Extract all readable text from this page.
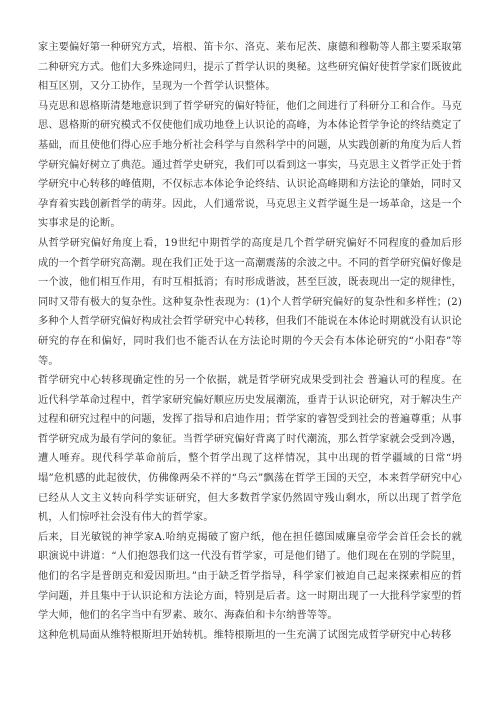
家主要偏好第一种研究方式，培根、笛卡尔、洛克、莱布尼茨、康德和穆勒等人都主要采取第二种研究方式。他们大多殊途同归，提示了哲学认识的奥秘。这些研究偏好使哲学家们既彼此相互区别，又分工协作，呈现为一个哲学认识整体。

马克思和恩格斯清楚地意识到了哲学研究的偏好特征，他们之间进行了科研分工和合作。马克思、恩格斯的研究模式不仅使他们成功地登上认识论的高峰，为本体论哲学争论的终结奠定了基础，而且使他们得心应手地分析社会科学与自然科学中的问题，从实践创新的角度为后人哲学研究偏好树立了典范。通过哲学史研究，我们可以看到这一事实，马克思主义哲学正处于哲学研究中心转移的峰值期，不仅标志本体论争论终结、认识论高峰期和方法论的肇始，同时又孕育着实践创新哲学的萌芽。因此，人们通常说，马克思主义哲学诞生是一场革命，这是一个实事求是的论断。

从哲学研究偏好角度上看，19世纪中期哲学的高度是几个哲学研究偏好不同程度的叠加后形成的一个哲学研究高潮。现在我们正处于这一高潮震荡的余波之中。不同的哲学研究偏好像是一个波，他们相互作用，有时互相抵消；有时形成谐波，甚至巨波，既表现出一定的规律性，同时又带有极大的复杂性。这种复杂性表现为：(1)个人哲学研究偏好的复杂性和多样性；(2)多种个人哲学研究偏好构成社会哲学研究中心转移，但我们不能说在本体论时期就没有认识论研究的存在和偏好，同时我们也不能否认在方法论时期的今天会有本体论研究的“小阳春”等等。

哲学研究中心转移现确定性的另一个依据，就是哲学研究成果受到社会 普遍认可的程度。在近代科学革命过程中，哲学家研究偏好顺应历史发展潮流，垂青于认识论研究，对于解决生产过程和研究过程中的问题，发挥了指导和启迪作用；哲学家的睿智受到社会的普遍尊重；从事哲学研究成为最有学问的象征。当哲学研究偏好背离了时代潮流，那么哲学家就会受到冷遇，遭人唾弃。现代科学革命前后，整个哲学出现了这样情况，其中出现的哲学疆域的日常“坍塌”危机感的此起彼伏，仿佛像两朵不祥的“乌云”飘荡在哲学王国的天空，本来哲学研究中心已经从人文主义转向科学实证研究，但大多数哲学家仍然固守残山剩水，所以出现了哲学危机，人们惊呼社会没有伟大的哲学家。

后来，目光敏锐的神学家A.哈纳克揭破了窗户纸，他在担任德国威廉皇帝学会首任会长的就职演说中讲道：“人们抱怨我们这一代没有哲学家，可是他们错了。他们现在在别的学院里，他们的名字是普朗克和爱因斯坦。”由于缺乏哲学指导，科学家们被迫自己起来探索相应的哲学问题，并且集中于认识论和方法论方面，特别是后者。这一时期出现了一大批科学家型的哲学大师，他们的名字当中有罗素、玻尔、海森伯和卡尔纳普等等。

这种危机局面从维特根斯坦开始转机。维特根斯坦的一生充满了试图完成哲学研究中心转移
